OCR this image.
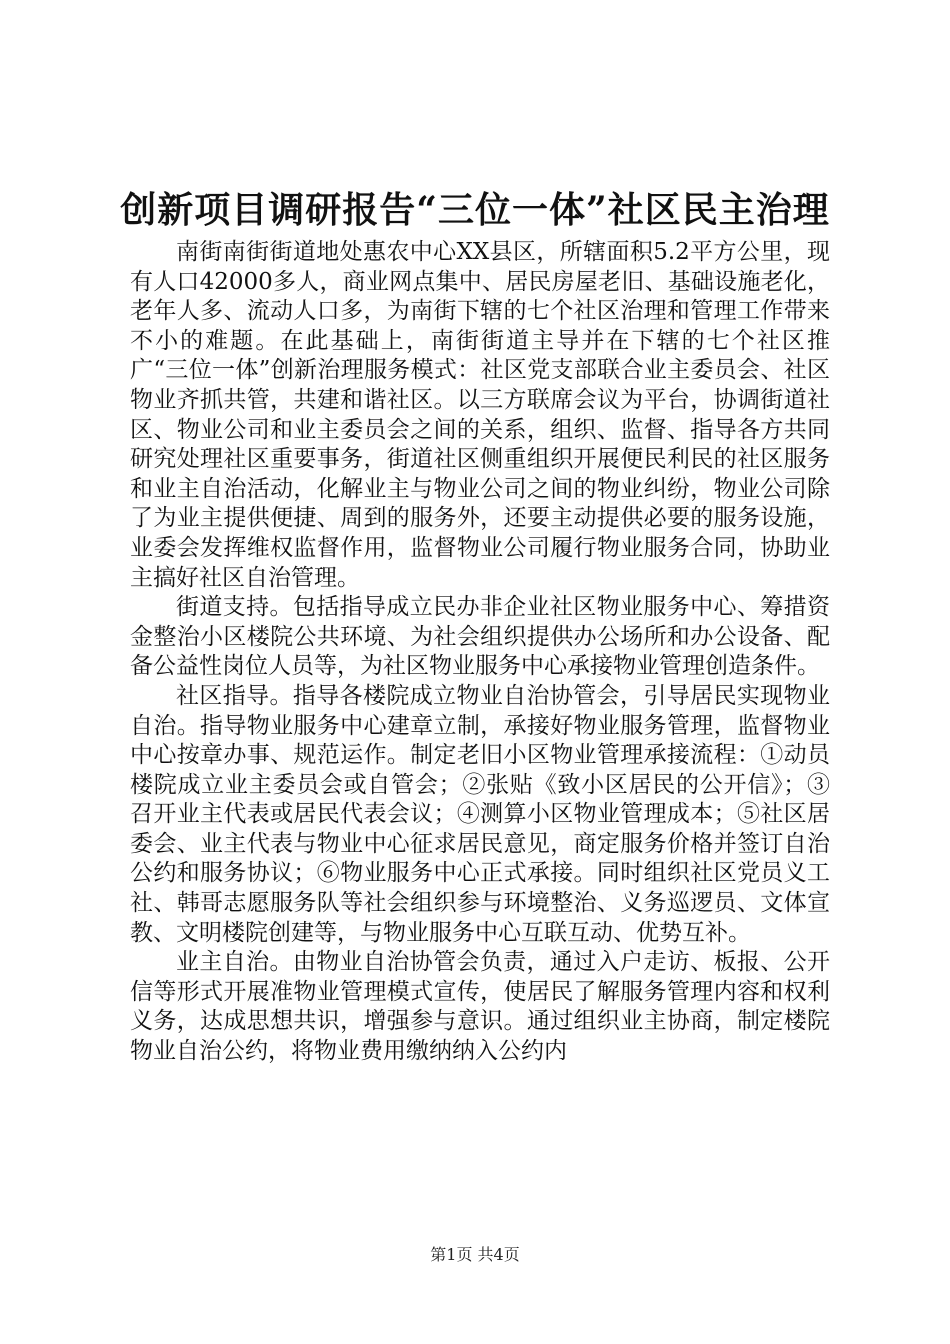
创新项目调研报告“三位一体”社区民主治理

南街南街街道地处惠农中心XX县区，所辖面积5.2平方公里，现有人口42000多人，商业网点集中、居民房屋老旧、基础设施老化，老年人多、流动人口多，为南街下辖的七个社区治理和管理工作带来不小的难题。在此基础上，南街街道主导并在下辖的七个社区推广“三位一体”创新治理服务模式：社区党支部联合业主委员会、社区物业齐抓共管，共建和谐社区。以三方联席会议为平台，协调街道社区、物业公司和业主委员会之间的关系，组织、监督、指导各方共同研究处理社区重要事务，街道社区侧重组织开展便民利民的社区服务和业主自治活动，化解业主与物业公司之间的物业纠纷，物业公司除了为业主提供便捷、周到的服务外，还要主动提供必要的服务设施，业委会发挥维权监督作用，监督物业公司履行物业服务合同，协助业主搞好社区自治管理。

街道支持。包括指导成立民办非企业社区物业服务中心、筹措资金整治小区楼院公共环境、为社会组织提供办公场所和办公设备、配备公益性岗位人员等，为社区物业服务中心承接物业管理创造条件。

社区指导。指导各楼院成立物业自治协管会，引导居民实现物业自治。指导物业服务中心建章立制，承接好物业服务管理，监督物业中心按章办事、规范运作。制定老旧小区物业管理承接流程：①动员楼院成立业主委员会或自管会；②张贴《致小区居民的公开信》；③召开业主代表或居民代表会议；④测算小区物业管理成本；⑤社区居委会、业主代表与物业中心征求居民意见，商定服务价格并签订自治公约和服务协议；⑥物业服务中心正式承接。同时组织社区党员义工社、韩哥志愿服务队等社会组织参与环境整治、义务巡逻员、文体宣教、文明楼院创建等，与物业服务中心互联互动、优势互补。

业主自治。由物业自治协管会负责，通过入户走访、板报、公开信等形式开展准物业管理模式宣传，使居民了解服务管理内容和权利义务，达成思想共识，增强参与意识。通过组织业主协商，制定楼院物业自治公约，将物业费用缴纳纳入公约内

第1页 共4页
